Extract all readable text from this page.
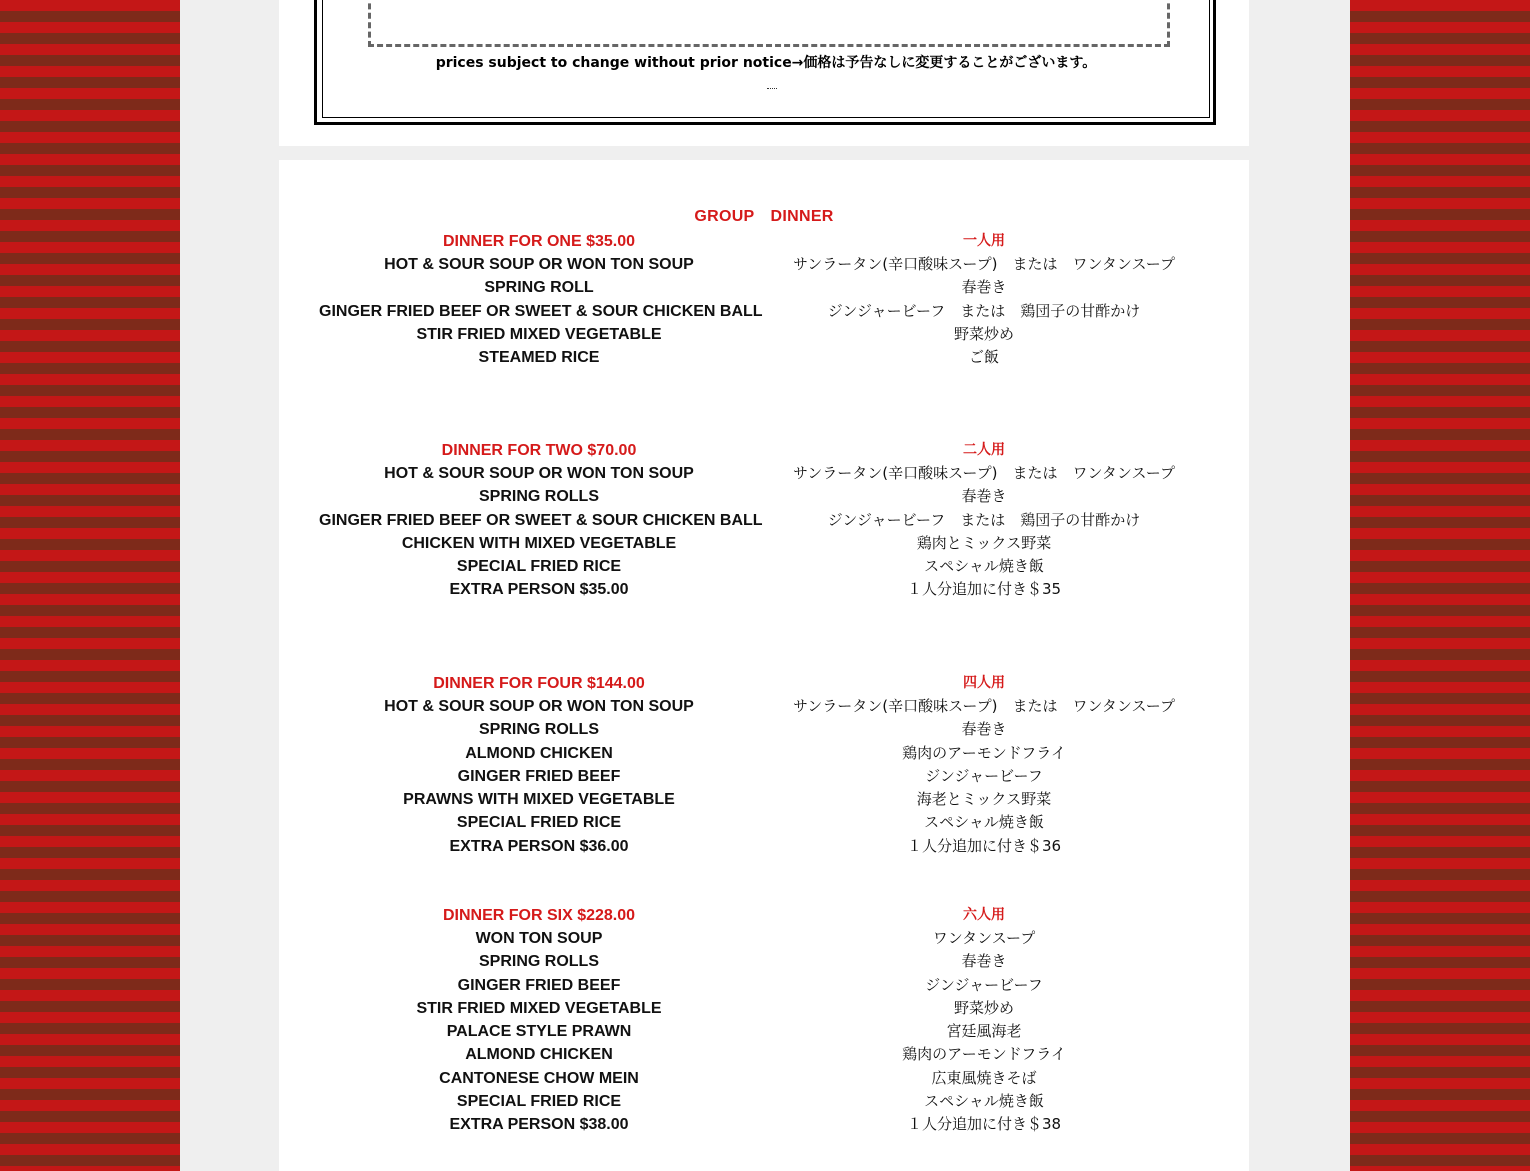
prices subject to change without prior notice→価格は予告なしに変更することがございます。
GROUP DINNER
DINNER FOR ONE $35.00
HOT & SOUR SOUP OR WON TON SOUP
SPRING ROLL
GINGER FRIED BEEF OR SWEET & SOUR CHICKEN BALL
STIR FRIED MIXED VEGETABLE
STEAMED RICE
一人用
サンラータン(辛口酸味スープ)　または　ワンタンスープ
春巻き
ジンジャービーフ　または　鶏団子の甘酢かけ
野菜炒め
ご飯
DINNER FOR TWO $70.00
HOT & SOUR SOUP OR WON TON SOUP
SPRING ROLLS
GINGER FRIED BEEF OR SWEET & SOUR CHICKEN BALL
CHICKEN WITH MIXED VEGETABLE
SPECIAL FRIED RICE
EXTRA PERSON $35.00
二人用
サンラータン(辛口酸味スープ)　または　ワンタンスープ
春巻き
ジンジャービーフ　または　鶏団子の甘酢かけ
鶏肉とミックス野菜
スペシャル焼き飯
１人分追加に付き＄35
DINNER FOR FOUR $144.00
HOT & SOUR SOUP OR WON TON SOUP
SPRING ROLLS
ALMOND CHICKEN
GINGER FRIED BEEF
PRAWNS WITH MIXED VEGETABLE
SPECIAL FRIED RICE
EXTRA PERSON $36.00
四人用
サンラータン(辛口酸味スープ)　または　ワンタンスープ
春巻き
鶏肉のアーモンドフライ
ジンジャービーフ
海老とミックス野菜
スペシャル焼き飯
１人分追加に付き＄36
DINNER FOR SIX $228.00
WON TON SOUP
SPRING ROLLS
GINGER FRIED BEEF
STIR FRIED MIXED VEGETABLE
PALACE STYLE PRAWN
ALMOND CHICKEN
CANTONESE CHOW MEIN
SPECIAL FRIED RICE
EXTRA PERSON $38.00
六人用
ワンタンスープ
春巻き
ジンジャービーフ
野菜炒め
宮廷風海老
鶏肉のアーモンドフライ
広東風焼きそば
スペシャル焼き飯
１人分追加に付き＄38
